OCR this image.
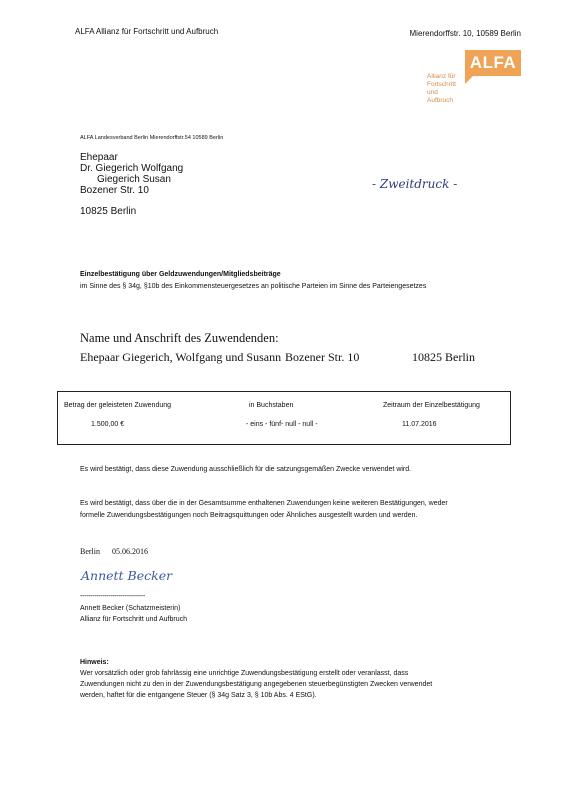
ALFA Allianz für Fortschritt und Aufbruch	Mierendorffstr. 10, 10589 Berlin
ALFA
Allianz für
Fortschritt
und Aufbruch
ALFA Landesverband Berlin Mierendorffstr.54 10589 Berlin
Ehepaar
Dr. Giegerich Wolfgang
Giegerich Susan
Bozener Str. 10
10825 Berlin
- Zweitdruck -
Einzelbestätigung über Geldzuwendungen/Mitgliedsbeiträge
im Sinne des § 34g, §10b des Einkommensteuergesetzes an politische Parteien im Sinne des Parteiengesetzes
Name und Anschrift des Zuwendenden:
Ehepaar Giegerich, Wolfgang und Susann Bozener Str. 10	10825 Berlin
Betrag der geleisteten Zuwendung	in Buchstaben	Zeitraum der Einzelbestätigung
1.500,00 €	- eins - fünf- null - null -	11.07.2016
Es wird bestätigt, dass diese Zuwendung ausschließlich für die satzungsgemäßen Zwecke verwendet wird.
Es wird bestätigt, dass über die in der Gesamtsumme enthaltenen Zuwendungen keine weiteren Bestätigungen, weder
formelle Zuwendungsbestätigungen noch Beitragsquittungen oder Ähnliches ausgestellt wurden und werden.
Berlin 05.06.2016
Annett Becker
--------------------------------
Annett Becker (Schatzmeisterin)
Allianz für Fortschritt und Aufbruch
Hinweis:
Wer vorsätzlich oder grob fahrlässig eine unrichtige Zuwendungsbestätigung erstellt oder veranlasst, dass
Zuwendungen nicht zu den in der Zuwendungsbestätigung angegebenen steuerbegünstigten Zwecken verwendet
werden, haftet für die entgangene Steuer (§ 34g Satz 3, § 10b Abs. 4 EStG).
